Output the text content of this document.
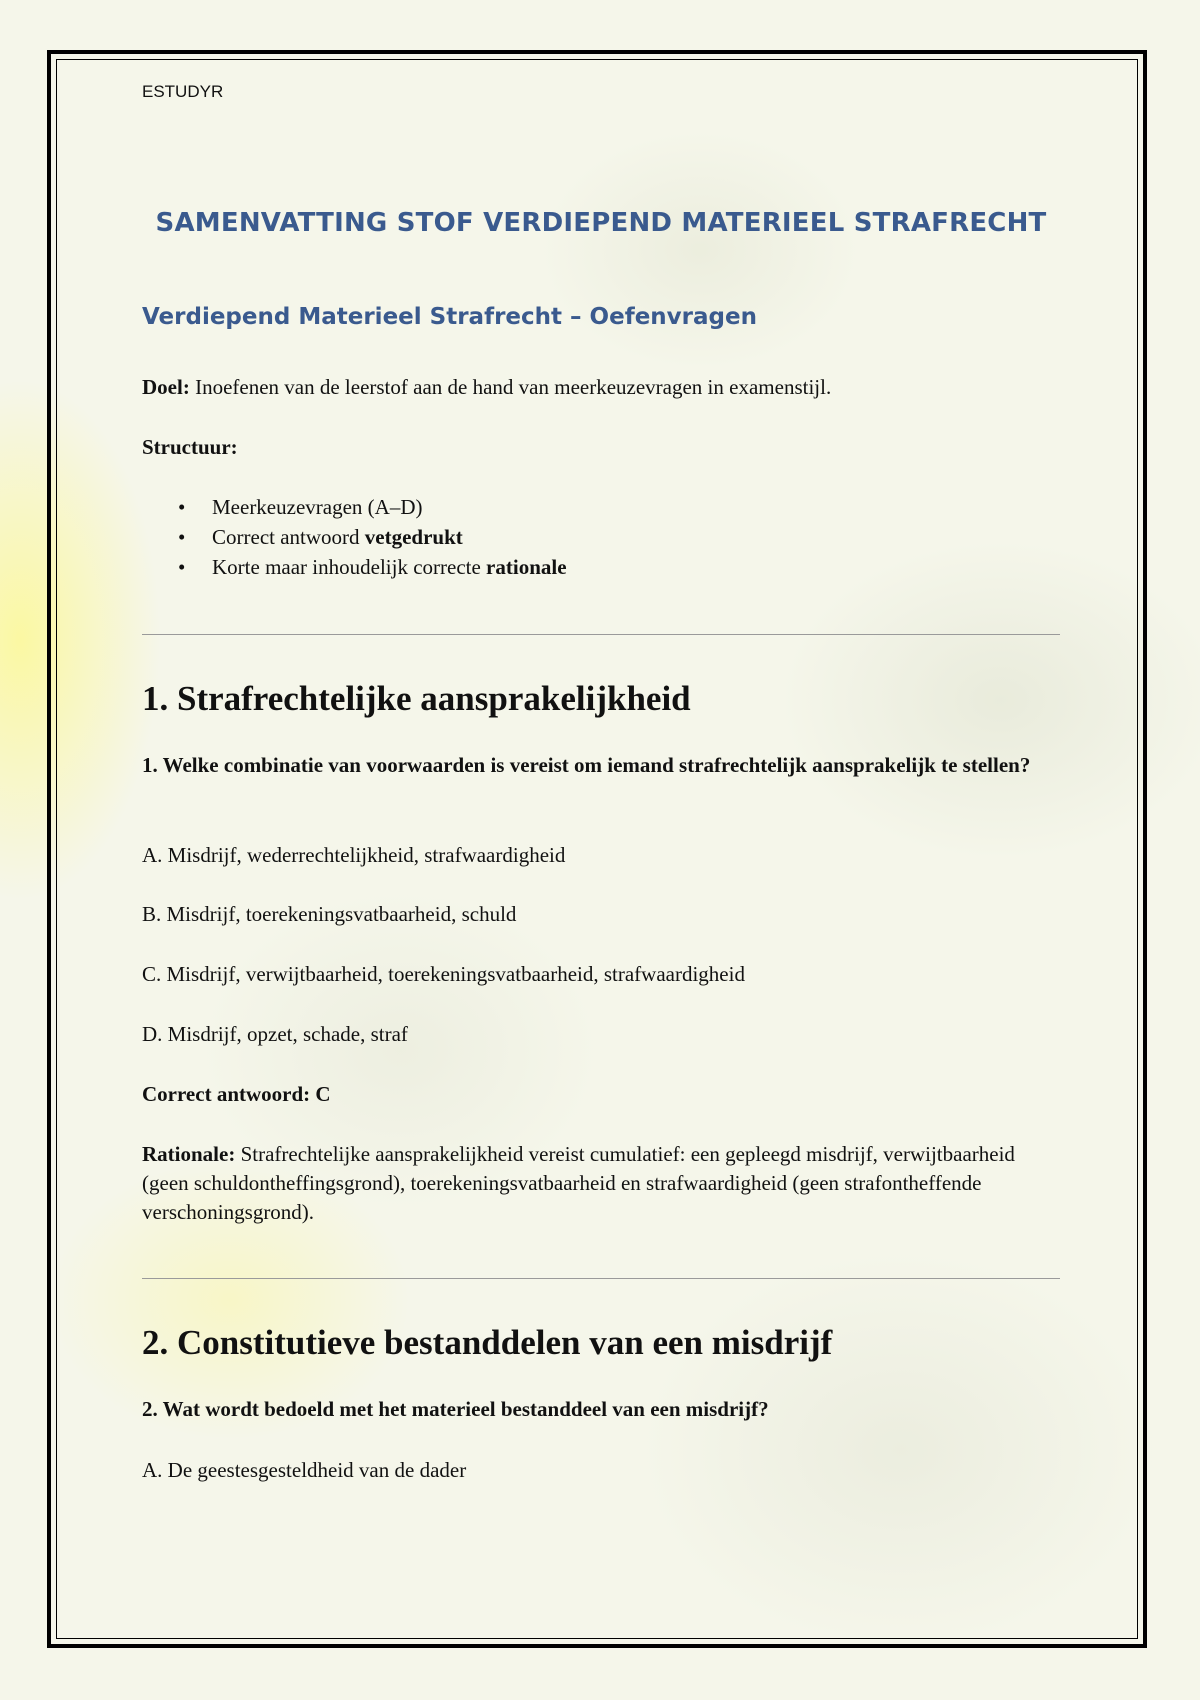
ESTUDYR
SAMENVATTING STOF VERDIEPEND MATERIEEL STRAFRECHT
Verdiepend Materieel Strafrecht – Oefenvragen
Doel: Inoefenen van de leerstof aan de hand van meerkeuzevragen in examenstijl.
Structuur:
• Meerkeuzevragen (A–D)
• Correct antwoord vetgedrukt
• Korte maar inhoudelijk correcte rationale
1. Strafrechtelijke aansprakelijkheid
1. Welke combinatie van voorwaarden is vereist om iemand strafrechtelijk aansprakelijk te stellen?
A. Misdrijf, wederrechtelijkheid, strafwaardigheid
B. Misdrijf, toerekeningsvatbaarheid, schuld
C. Misdrijf, verwijtbaarheid, toerekeningsvatbaarheid, strafwaardigheid
D. Misdrijf, opzet, schade, straf
Correct antwoord: C
Rationale: Strafrechtelijke aansprakelijkheid vereist cumulatief: een gepleegd misdrijf, verwijtbaarheid (geen schuldontheffingsgrond), toerekeningsvatbaarheid en strafwaardigheid (geen strafontheffende verschoningsgrond).
2. Constitutieve bestanddelen van een misdrijf
2. Wat wordt bedoeld met het materieel bestanddeel van een misdrijf?
A. De geestesgesteldheid van de dader
